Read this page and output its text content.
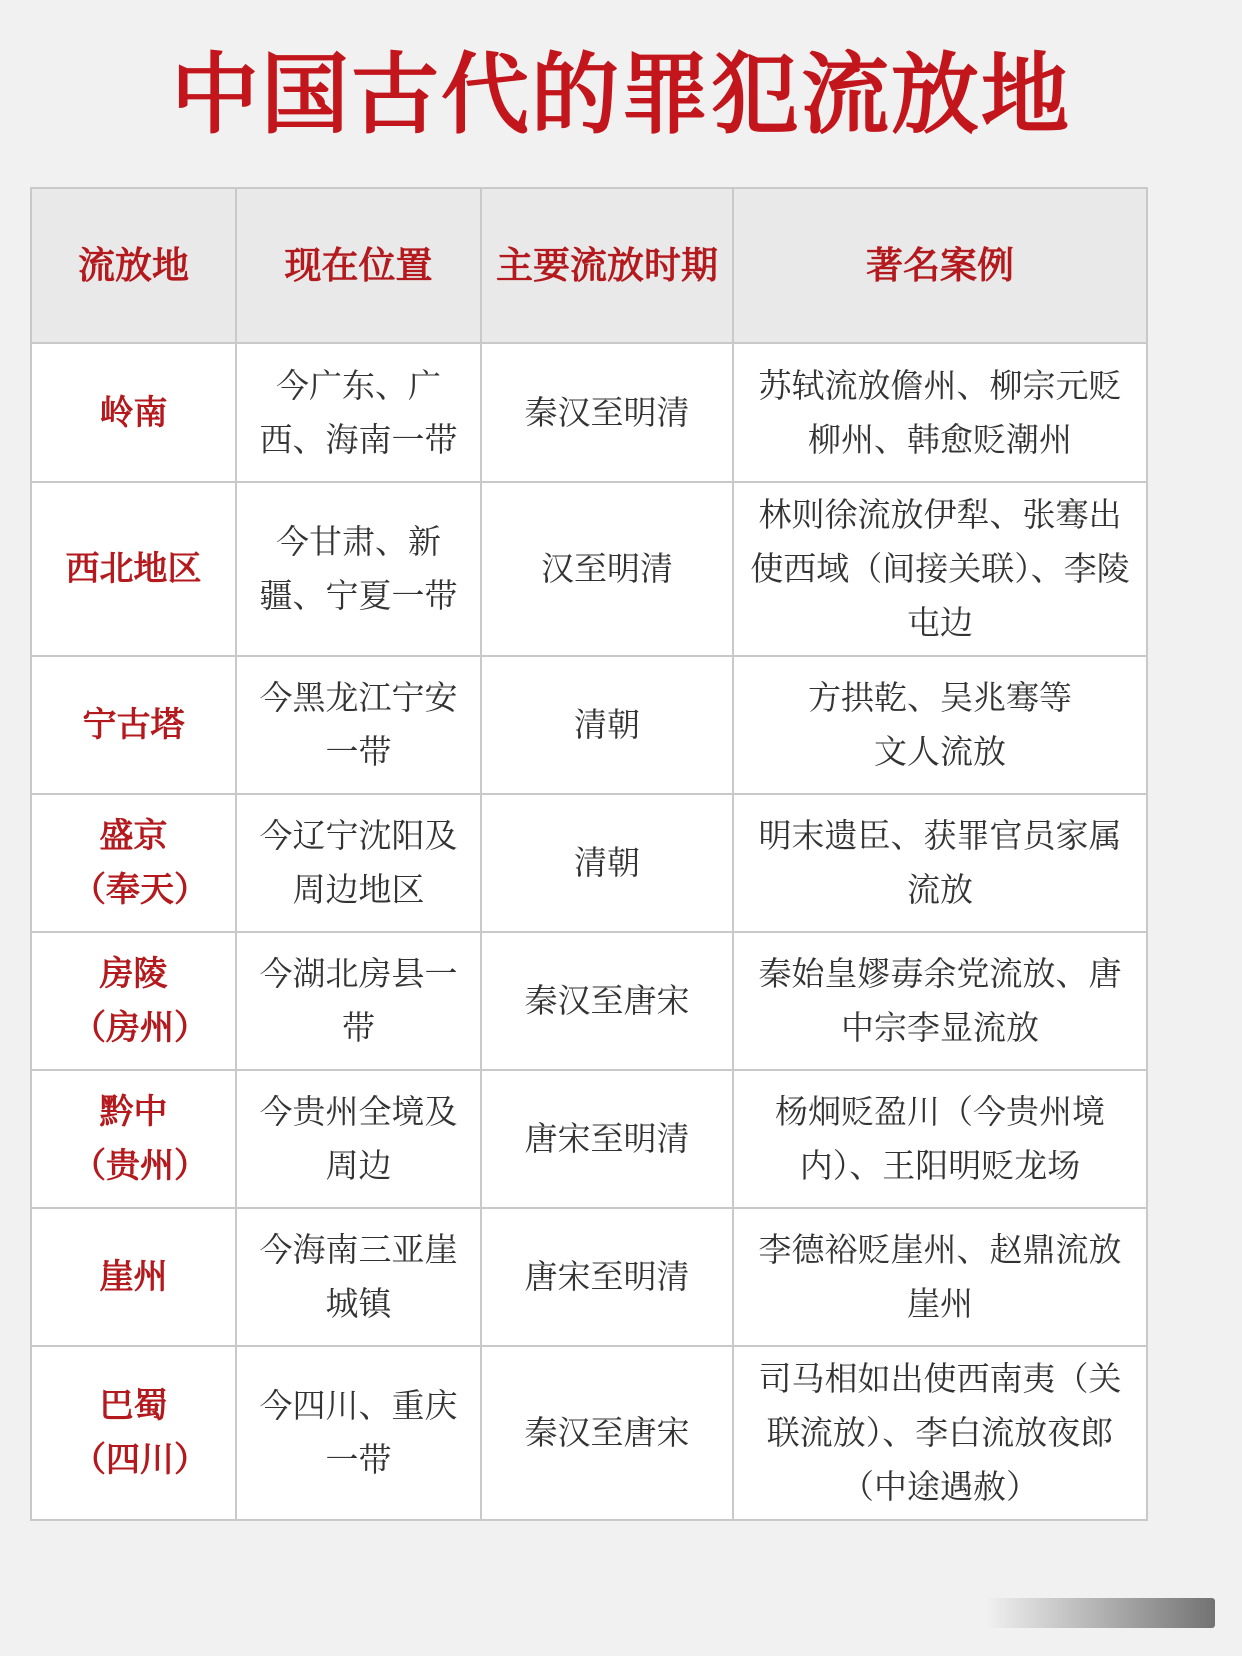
中国古代的罪犯流放地
流放地	现在位置	主要流放时期	著名案例
岭南	今广东、广西、海南一带	秦汉至明清	苏轼流放儋州、柳宗元贬柳州、韩愈贬潮州
西北地区	今甘肃、新疆、宁夏一带	汉至明清	林则徐流放伊犁、张骞出使西域（间接关联）、李陵屯边
宁古塔	今黑龙江宁安一带	清朝	方拱乾、吴兆骞等文人流放
盛京（奉天）	今辽宁沈阳及周边地区	清朝	明末遗臣、获罪官员家属流放
房陵（房州）	今湖北房县一带	秦汉至唐宋	秦始皇嫪毐余党流放、唐中宗李显流放
黔中（贵州）	今贵州全境及周边	唐宋至明清	杨炯贬盈川（今贵州境内）、王阳明贬龙场
崖州	今海南三亚崖城镇	唐宋至明清	李德裕贬崖州、赵鼎流放崖州
巴蜀（四川）	今四川、重庆一带	秦汉至唐宋	司马相如出使西南夷（关联流放）、李白流放夜郎（中途遇赦）
